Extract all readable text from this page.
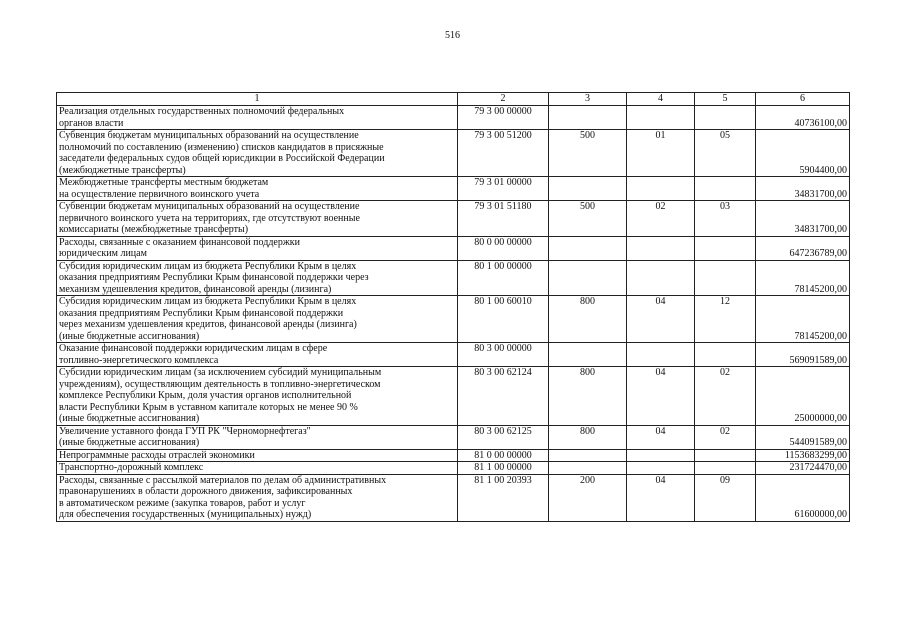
516
1	2	3	4	5	6

Реализация отдельных государственных полномочий федеральных
органов власти	79 3 00 00000				40736100,00

Субвенция бюджетам муниципальных образований на осуществление
полномочий по составлению (изменению) списков кандидатов в присяжные
заседатели федеральных судов общей юрисдикции в Российской Федерации
(межбюджетные трансферты)	79 3 00 51200	500	01	05	5904400,00

Межбюджетные трансферты местным бюджетам
на осуществление первичного воинского учета	79 3 01 00000				34831700,00

Субвенции бюджетам муниципальных образований на осуществление
первичного воинского учета на территориях, где отсутствуют военные
комиссариаты (межбюджетные трансферты)	79 3 01 51180	500	02	03	34831700,00

Расходы, связанные с оказанием финансовой поддержки
юридическим лицам	80 0 00 00000				647236789,00

Субсидия юридическим лицам из бюджета Республики Крым в целях
оказания предприятиям Республики Крым финансовой поддержки через
механизм удешевления кредитов, финансовой аренды (лизинга)	80 1 00 00000				78145200,00

Субсидия юридическим лицам из бюджета Республики Крым в целях
оказания предприятиям Республики Крым финансовой поддержки
через механизм удешевления кредитов, финансовой аренды (лизинга)
(иные бюджетные ассигнования)	80 1 00 60010	800	04	12	78145200,00

Оказание финансовой поддержки юридическим лицам в сфере
топливно-энергетического комплекса	80 3 00 00000				569091589,00

Субсидии юридическим лицам (за исключением субсидий муниципальным
учреждениям), осуществляющим деятельность в топливно-энергетическом
комплексе Республики Крым, доля участия органов исполнительной
власти Республики Крым в уставном капитале которых не менее 90 %
(иные бюджетные ассигнования)	80 3 00 62124	800	04	02	25000000,00

Увеличение уставного фонда ГУП РК "Черноморнефтегаз"
(иные бюджетные ассигнования)	80 3 00 62125	800	04	02	544091589,00

Непрограммные расходы отраслей экономики	81 0 00 00000				1153683299,00

Транспортно-дорожный комплекс	81 1 00 00000				231724470,00

Расходы, связанные с рассылкой материалов по делам об административных
правонарушениях в области дорожного движения, зафиксированных
в автоматическом режиме (закупка товаров, работ и услуг
для обеспечения государственных (муниципальных) нужд)	81 1 00 20393	200	04	09	61600000,00
